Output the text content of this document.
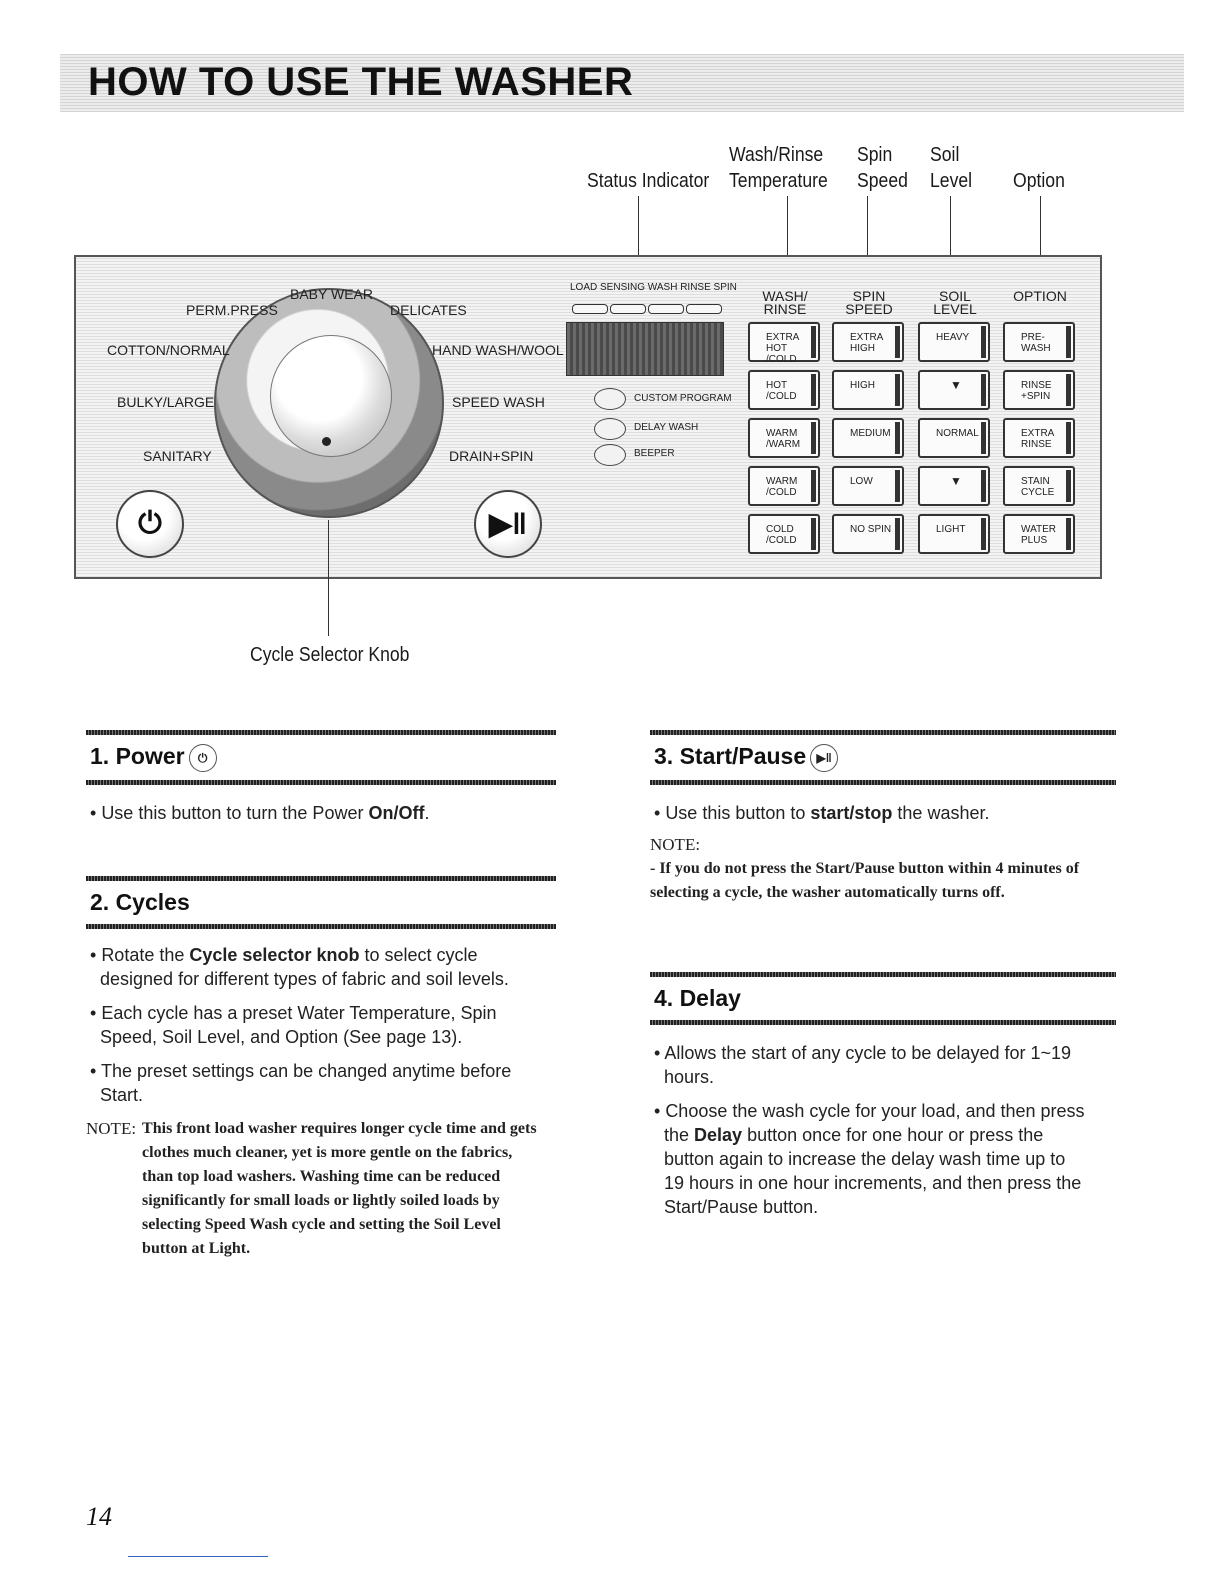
HOW TO USE THE WASHER
Wash/Rinse Spin Soil
Status Indicator Temperature Speed Level Option
BABY WEAR
PERM.PRESS
COTTON/NORMAL
BULKY/LARGE
SANITARY
DELICATES
HAND WASH/WOOL
SPEED WASH
DRAIN+SPIN
⏻	▶‖
LOAD SENSING WASH RINSE SPIN
CUSTOM PROGRAM
DELAY WASH
BEEPER
WASH/
RINSE
EXTRA HOT
/COLD
HOT
/COLD
WARM
/WARM
WARM
/COLD
COLD
/COLD
SPIN
SPEED
EXTRA
HIGH
HIGH
MEDIUM
LOW
NO SPIN
SOIL
LEVEL
HEAVY
▼
NORMAL
▼
LIGHT
OPTION
PRE-WASH
RINSE
+SPIN
EXTRA RINSE
STAIN
CYCLE
WATER
PLUS
Cycle Selector Knob
1. Power ⏻

• Use this button to turn the Power On/Off.

2. Cycles

• Rotate the Cycle selector knob to select cycle designed for different types of fabric and soil levels.

• Each cycle has a preset Water Temperature, Spin Speed, Soil Level, and Option (See page 13).

• The preset settings can be changed anytime before Start.

NOTE: This front load washer requires longer cycle time and gets clothes much cleaner, yet is more gentle on the fabrics, than top load washers. Washing time can be reduced significantly for small loads or lightly soiled loads by selecting Speed Wash cycle and setting the Soil Level button at Light.
3. Start/Pause ▶‖

• Use this button to start/stop the washer.

NOTE:

- If you do not press the Start/Pause button within 4 minutes of selecting a cycle, the washer automatically turns off.

4. Delay

• Allows the start of any cycle to be delayed for 1~19 hours.

• Choose the wash cycle for your load, and then press the Delay button once for one hour or press the button again to increase the delay wash time up to 19 hours in one hour increments, and then press the Start/Pause button.

14
